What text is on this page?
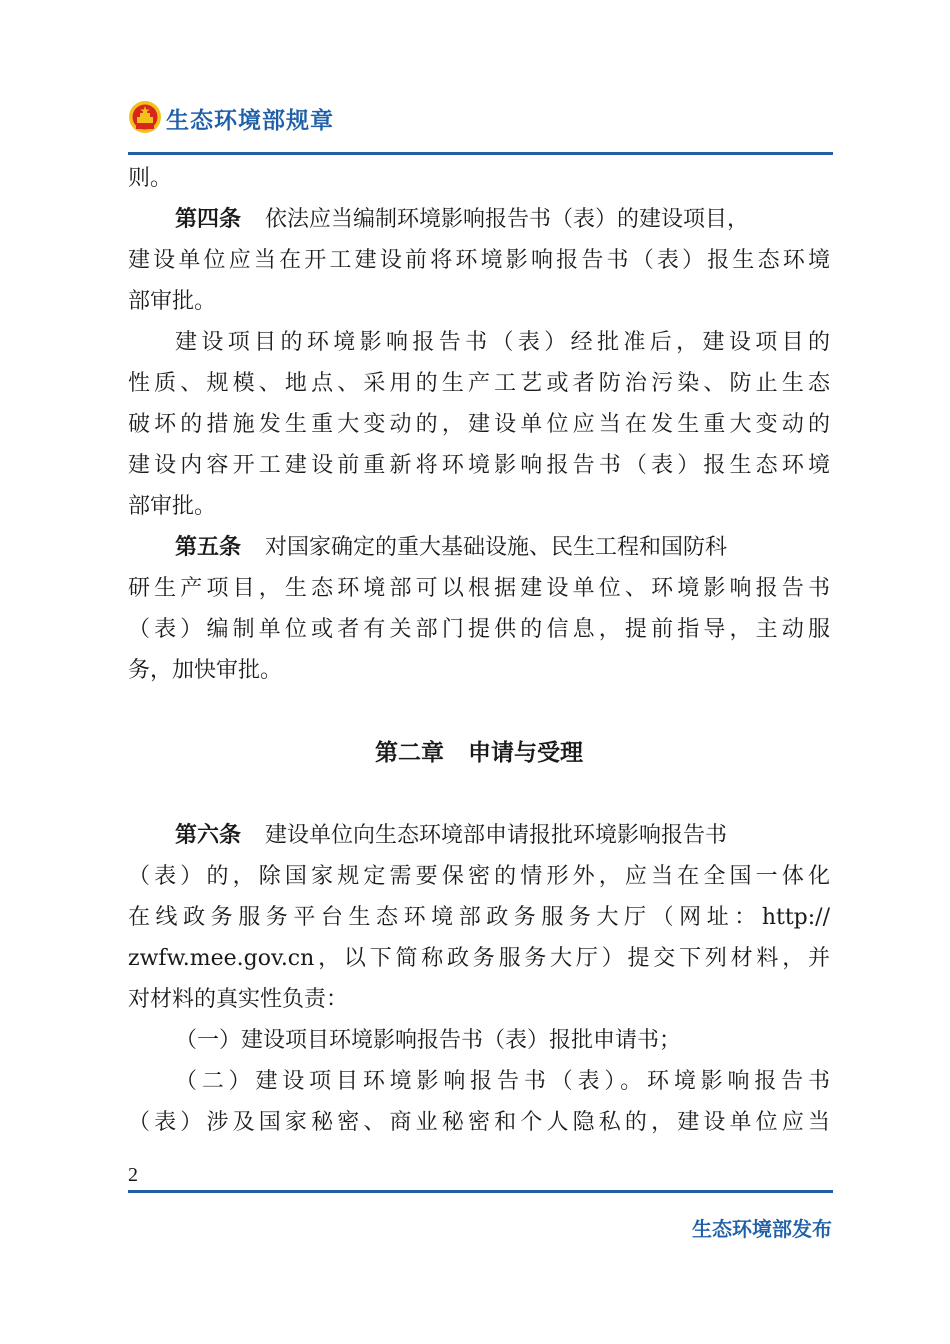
生态环境部规章
则。
第四条 依法应当编制环境影响报告书（表）的建设项目，
建设单位应当在开工建设前将环境影响报告书（表）报生态环境
部审批。
建设项目的环境影响报告书（表）经批准后，建设项目的
性质、规模、地点、采用的生产工艺或者防治污染、防止生态
破坏的措施发生重大变动的，建设单位应当在发生重大变动的
建设内容开工建设前重新将环境影响报告书（表）报生态环境
部审批。
第五条 对国家确定的重大基础设施、民生工程和国防科
研生产项目，生态环境部可以根据建设单位、环境影响报告书
（表）编制单位或者有关部门提供的信息，提前指导，主动服
务，加快审批。
第二章 申请与受理
第六条 建设单位向生态环境部申请报批环境影响报告书
（表）的，除国家规定需要保密的情形外，应当在全国一体化
在线政务服务平台生态环境部政务服务大厅（网址：http://
zwfw.mee.gov.cn，以下简称政务服务大厅）提交下列材料，并
对材料的真实性负责：
（一）建设项目环境影响报告书（表）报批申请书；
（二）建设项目环境影响报告书（表）。环境影响报告书
（表）涉及国家秘密、商业秘密和个人隐私的，建设单位应当
2
生态环境部发布
